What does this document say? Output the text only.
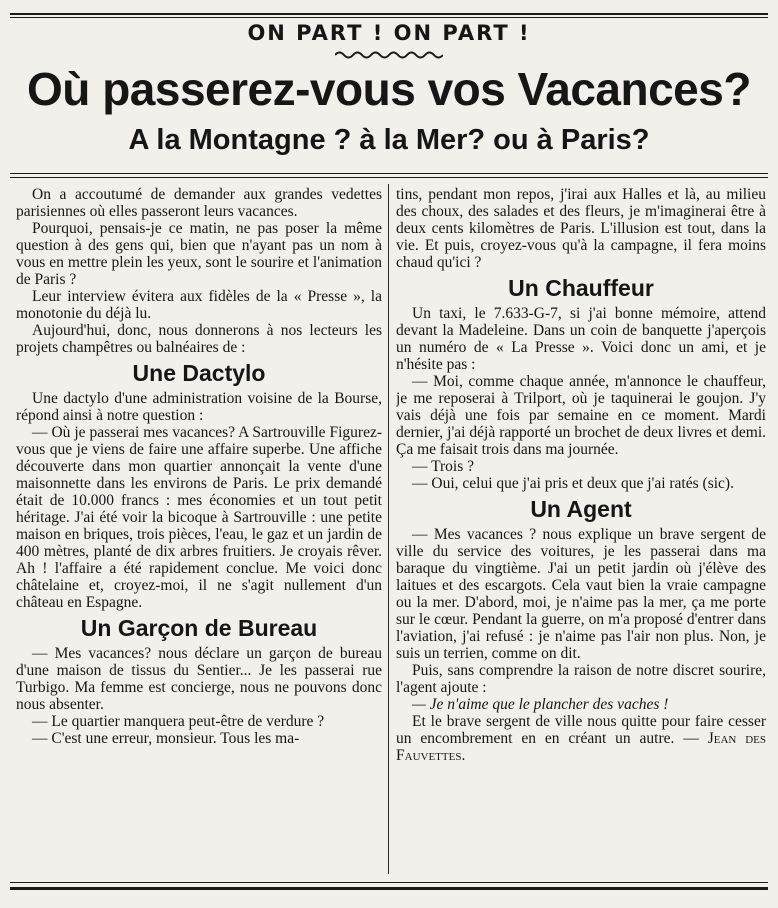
ON PART ! ON PART !
Où passerez-vous vos Vacances?
A la Montagne ? à la Mer? ou à Paris?

On a accoutumé de demander aux grandes vedettes parisiennes où elles passeront leurs vacances.

Pourquoi, pensais-je ce matin, ne pas poser la même question à des gens qui, bien que n'ayant pas un nom à vous en mettre plein les yeux, sont le sourire et l'animation de Paris ?

Leur interview évitera aux fidèles de la « Presse », la monotonie du déjà lu.

Aujourd'hui, donc, nous donnerons à nos lecteurs les projets champêtres ou balnéaires de :

Une Dactylo

Une dactylo d'une administration voisine de la Bourse, répond ainsi à notre question :

— Où je passerai mes vacances? A Sartrouville Figurez-vous que je viens de faire une affaire superbe. Une affiche découverte dans mon quartier annonçait la vente d'une maisonnette dans les environs de Paris. Le prix demandé était de 10.000 francs : mes économies et un tout petit héritage. J'ai été voir la bicoque à Sartrouville : une petite maison en briques, trois pièces, l'eau, le gaz et un jardin de 400 mètres, planté de dix arbres fruitiers. Je croyais rêver. Ah ! l'affaire a été rapidement conclue. Me voici donc châtelaine et, croyez-moi, il ne s'agit nullement d'un château en Espagne.

Un Garçon de Bureau

— Mes vacances? nous déclare un garçon de bureau d'une maison de tissus du Sentier... Je les passerai rue Turbigo. Ma femme est concierge, nous ne pouvons donc nous absenter.

— Le quartier manquera peut-être de verdure ?

— C'est une erreur, monsieur. Tous les ma-

tins, pendant mon repos, j'irai aux Halles et là, au milieu des choux, des salades et des fleurs, je m'imaginerai être à deux cents kilomètres de Paris. L'illusion est tout, dans la vie. Et puis, croyez-vous qu'à la campagne, il fera moins chaud qu'ici ?

Un Chauffeur

Un taxi, le 7.633-G-7, si j'ai bonne mémoire, attend devant la Madeleine. Dans un coin de banquette j'aperçois un numéro de « La Presse ». Voici donc un ami, et je n'hésite pas :

— Moi, comme chaque année, m'annonce le chauffeur, je me reposerai à Trilport, où je taquinerai le goujon. J'y vais déjà une fois par semaine en ce moment. Mardi dernier, j'ai déjà rapporté un brochet de deux livres et demi. Ça me faisait trois dans ma journée.

— Trois ?

— Oui, celui que j'ai pris et deux que j'ai ratés (sic).

Un Agent

— Mes vacances ? nous explique un brave sergent de ville du service des voitures, je les passerai dans ma baraque du vingtième. J'ai un petit jardin où j'élève des laitues et des escargots. Cela vaut bien la vraie campagne ou la mer. D'abord, moi, je n'aime pas la mer, ça me porte sur le cœur. Pendant la guerre, on m'a proposé d'entrer dans l'aviation, j'ai refusé : je n'aime pas l'air non plus. Non, je suis un terrien, comme on dit.

Puis, sans comprendre la raison de notre discret sourire, l'agent ajoute :

— Je n'aime que le plancher des vaches !

Et le brave sergent de ville nous quitte pour faire cesser un encombrement en en créant un autre. — Jean des Fauvettes.
